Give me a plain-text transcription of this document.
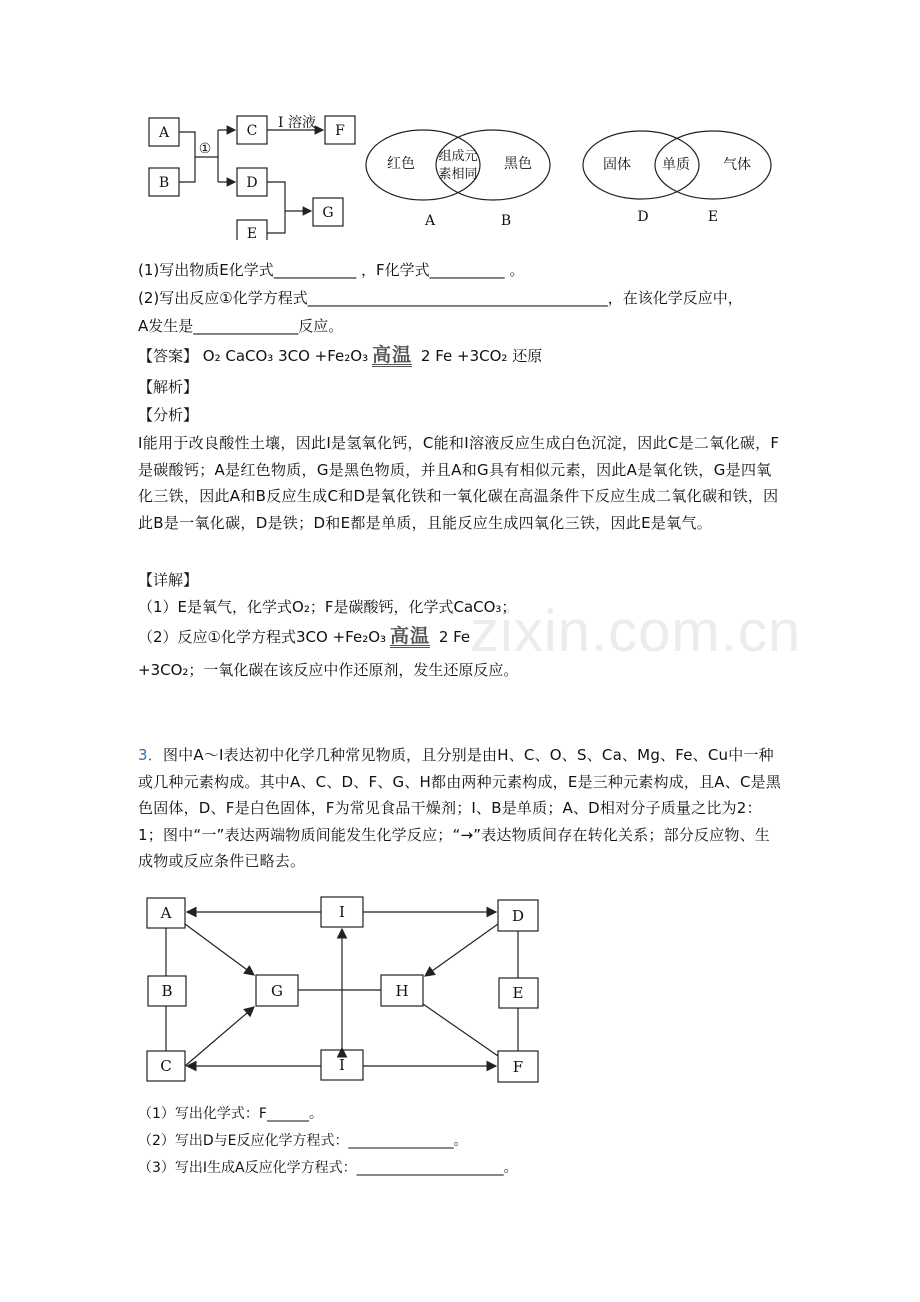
zixin.com.cn
A
B
C
D
E
F
G
①
I 溶液
红色 组成元
素相同
黑色
A	B
固体 单质 气体
D	E
(1)写出物质E化学式___________ ，F化学式__________ 。
(2)写出反应①化学方程式________________________________________，在该化学反应中，
A发生是______________反应。
【答案】 O₂ CaCO₃ 3CO +Fe₂O₃ 高温 2 Fe +3CO₂ 还原
【解析】
【分析】
I能用于改良酸性土壤，因此I是氢氧化钙，C能和I溶液反应生成白色沉淀，因此C是二氧化碳，F是碳酸钙；A是红色物质，G是黑色物质，并且A和G具有相似元素，因此A是氧化铁，G是四氧化三铁，因此A和B反应生成C和D是氧化铁和一氧化碳在高温条件下反应生成二氧化碳和铁，因此B是一氧化碳，D是铁；D和E都是单质，且能反应生成四氧化三铁，因此E是氧气。
【详解】
（1）E是氧气，化学式O₂；F是碳酸钙，化学式CaCO₃；
（2）反应①化学方程式3CO +Fe₂O₃ 高温 2 Fe
+3CO₂；一氧化碳在该反应中作还原剂，发生还原反应。
3．图中A～I表达初中化学几种常见物质，且分别是由H、C、O、S、Ca、Mg、Fe、Cu中一种或几种元素构成。其中A、C、D、F、G、H都由两种元素构成，E是三种元素构成，且A、C是黑色固体，D、F是白色固体，F为常见食品干燥剂；I、B是单质；A、D相对分子质量之比为2：1；图中“一”表达两端物质间能发生化学反应；“→”表达物质间存在转化关系；部分反应物、生成物或反应条件已略去。
A	I	D
B	G	H	E
C	I	F
（1）写出化学式：F______。
（2）写出D与E反应化学方程式：_______________。
（3）写出I生成A反应化学方程式：_____________________。
